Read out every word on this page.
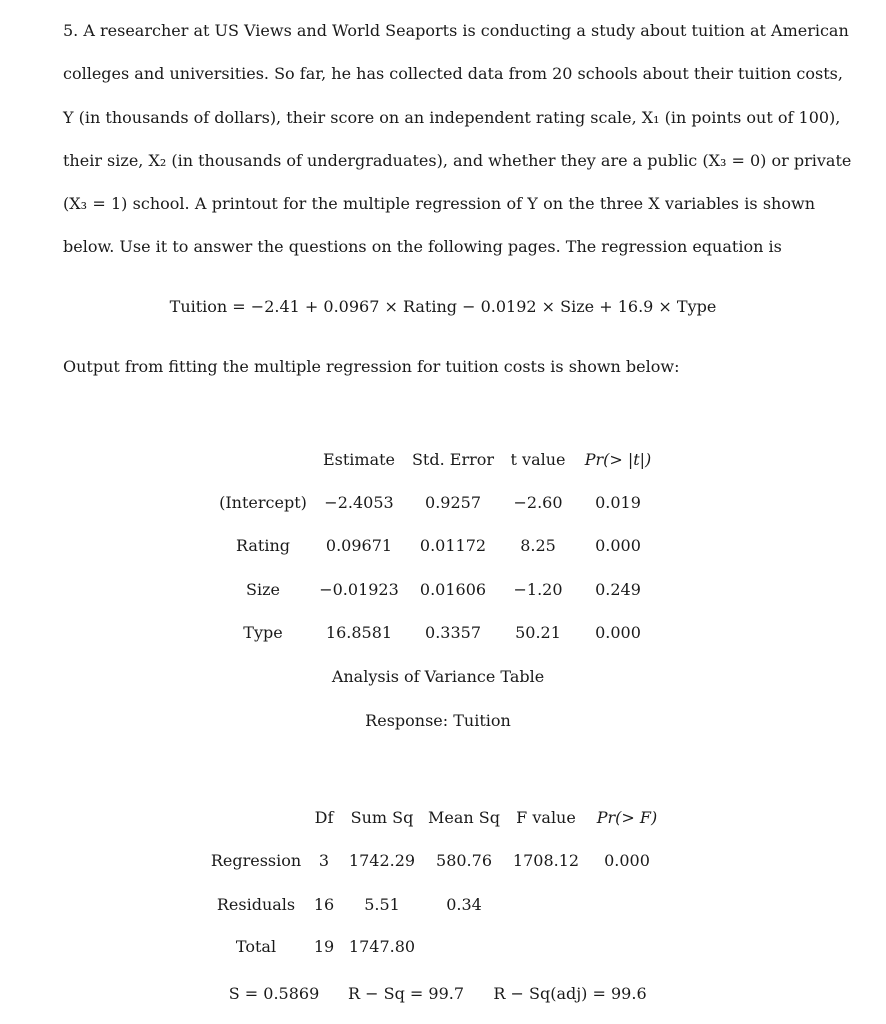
5. A researcher at US Views and World Seaports is conducting a study about tuition at American
colleges and universities. So far, he has collected data from 20 schools about their tuition costs,
Y (in thousands of dollars), their score on an independent rating scale, X₁ (in points out of 100),
their size, X₂ (in thousands of undergraduates), and whether they are a public (X₃ = 0) or private
(X₃ = 1) school. A printout for the multiple regression of Y on the three X variables is shown
below. Use it to answer the questions on the following pages. The regression equation is
Tuition = −2.41 + 0.0967 × Rating − 0.0192 × Size + 16.9 × Type
Output from fitting the multiple regression for tuition costs is shown below:
Estimate Std. Error t value Pr(> |t|)
(Intercept) −2.4053 0.9257 −2.60 0.019
Rating 0.09671 0.01172 8.25 0.000
Size −0.01923 0.01606 −1.20 0.249
Type	16.8581 0.3357 50.21 0.000
Analysis of Variance Table
Response: Tuition
Df Sum Sq Mean Sq F value Pr(> F)
Regression 3 1742.29 580.76 1708.12 0.000
Residuals 16 5.51	0.34
Total 19 1747.80
S = 0.5869 R − Sq = 99.7 R − Sq(adj) = 99.6
